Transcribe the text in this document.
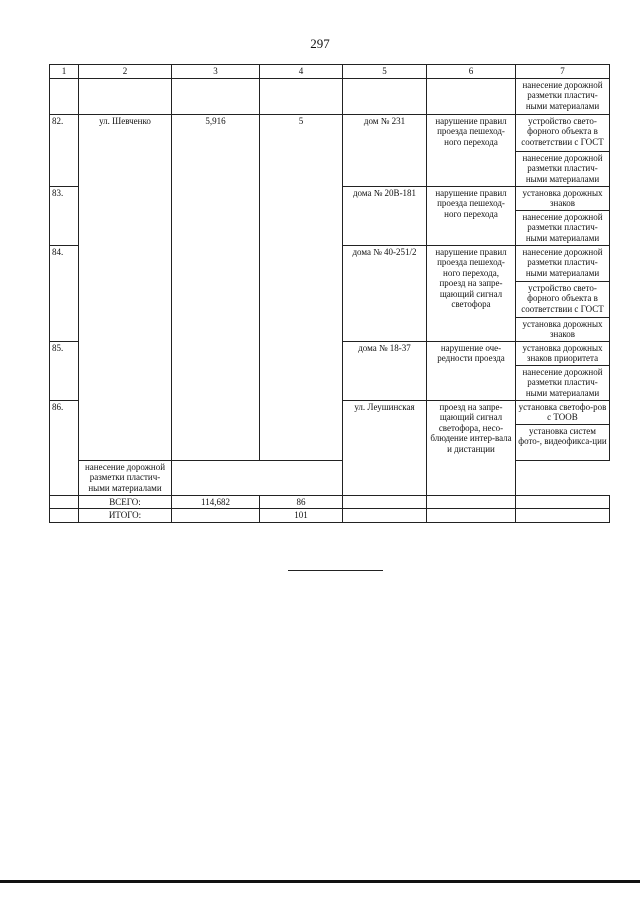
297
1	2	3	4	5	6	7
						нанесение дорожной разметки пластич-ными материалами
82.	ул. Шевченко	5,916	5	дом № 231	нарушение правил проезда пешеход-ного перехода	устройство свето-форного объекта в соответствии с ГОСТ
						нанесение дорожной разметки пластич-ными материалами
83.				дома № 20В-181	нарушение правил проезда пешеход-ного перехода	установка дорожных знаков
						нанесение дорожной разметки пластич-ными материалами
84.				дома № 40-251/2	нарушение правил проезда пешеход-ного перехода, проезд на запре-щающий сигнал светофора	нанесение дорожной разметки пластич-ными материалами
						устройство свето-форного объекта в соответствии с ГОСТ
						установка дорожных знаков
85.				дома № 18-37	нарушение оче-редности проезда	установка дорожных знаков приоритета
						нанесение дорожной разметки пластич-ными материалами
86.				ул. Леушинская	проезд на запре-щающий сигнал светофора, несо-блюдение интер-вала и дистанции	установка светофо-ров с ТООВ
						установка систем фото-, видеофикса-ции
	нанесение дорожной разметки пластич-ными материалами					
	ВСЕГО:	114,682	86			
	ИТОГО:		101			
